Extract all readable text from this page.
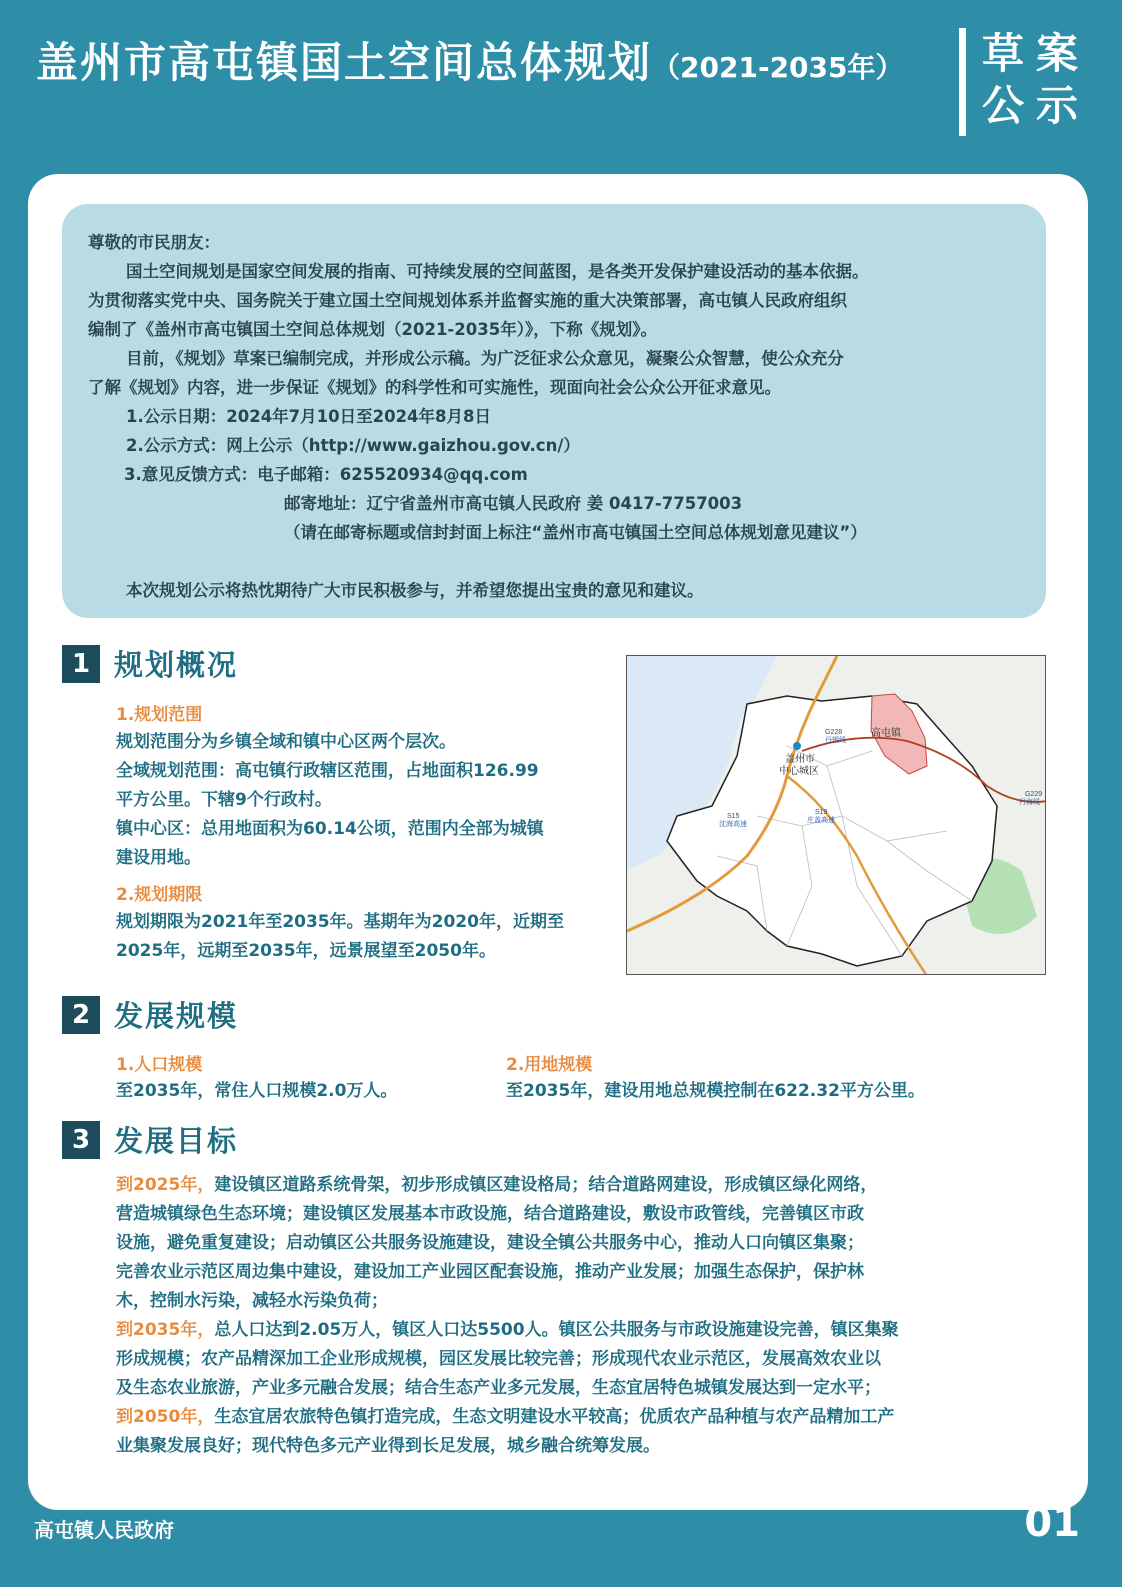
盖州市高屯镇国土空间总体规划（2021-2035年） 草案
公示

尊敬的市民朋友：

国土空间规划是国家空间发展的指南、可持续发展的空间蓝图，是各类开发保护建设活动的基本依据。

为贯彻落实党中央、国务院关于建立国土空间规划体系并监督实施的重大决策部署，高屯镇人民政府组织

编制了《盖州市高屯镇国土空间总体规划（2021-2035年）》，下称《规划》。

目前，《规划》草案已编制完成，并形成公示稿。为广泛征求公众意见，凝聚公众智慧，使公众充分

了解《规划》内容，进一步保证《规划》的科学性和可实施性，现面向社会公众公开征求意见。

1.公示日期：2024年7月10日至2024年8月8日

2.公示方式：网上公示（http://www.gaizhou.gov.cn/）

3.意见反馈方式：电子邮箱：625520934@qq.com

邮寄地址：辽宁省盖州市高屯镇人民政府 姜 0417-7757003

（请在邮寄标题或信封封面上标注“盖州市高屯镇国土空间总体规划意见建议”）

本次规划公示将热忱期待广大市民积极参与，并希望您提出宝贵的意见和建议。

1 规划概况
1.规划范围
规划范围分为乡镇全域和镇中心区两个层次。
全域规划范围：高屯镇行政辖区范围，占地面积126.99
平方公里。下辖9个行政村。
镇中心区：总用地面积为60.14公顷，范围内全部为城镇
建设用地。
2.规划期限
规划期限为2021年至2035年。基期年为2020年，近期至
2025年，远期至2035年，远景展望至2050年。
高屯镇
盖州市
中心城区
G228
丹锡线
S15
沈海高速
S19
庄盖高速
G229
丹海线
2 发展规模
1.人口规模
至2035年，常住人口规模2.0万人。
2.用地规模
至2035年，建设用地总规模控制在622.32平方公里。
3 发展目标
到2025年，建设镇区道路系统骨架，初步形成镇区建设格局；结合道路网建设，形成镇区绿化网络，
营造城镇绿色生态环境；建设镇区发展基本市政设施，结合道路建设，敷设市政管线，完善镇区市政
设施，避免重复建设；启动镇区公共服务设施建设，建设全镇公共服务中心，推动人口向镇区集聚；
完善农业示范区周边集中建设，建设加工产业园区配套设施，推动产业发展；加强生态保护，保护林
木，控制水污染，减轻水污染负荷；
到2035年，总人口达到2.05万人，镇区人口达5500人。镇区公共服务与市政设施建设完善，镇区集聚
形成规模；农产品精深加工企业形成规模，园区发展比较完善；形成现代农业示范区，发展高效农业以
及生态农业旅游，产业多元融合发展；结合生态产业多元发展，生态宜居特色城镇发展达到一定水平；
到2050年，生态宜居农旅特色镇打造完成，生态文明建设水平较高；优质农产品种植与农产品精加工产
业集聚发展良好；现代特色多元产业得到长足发展，城乡融合统筹发展。
高屯镇人民政府	01
